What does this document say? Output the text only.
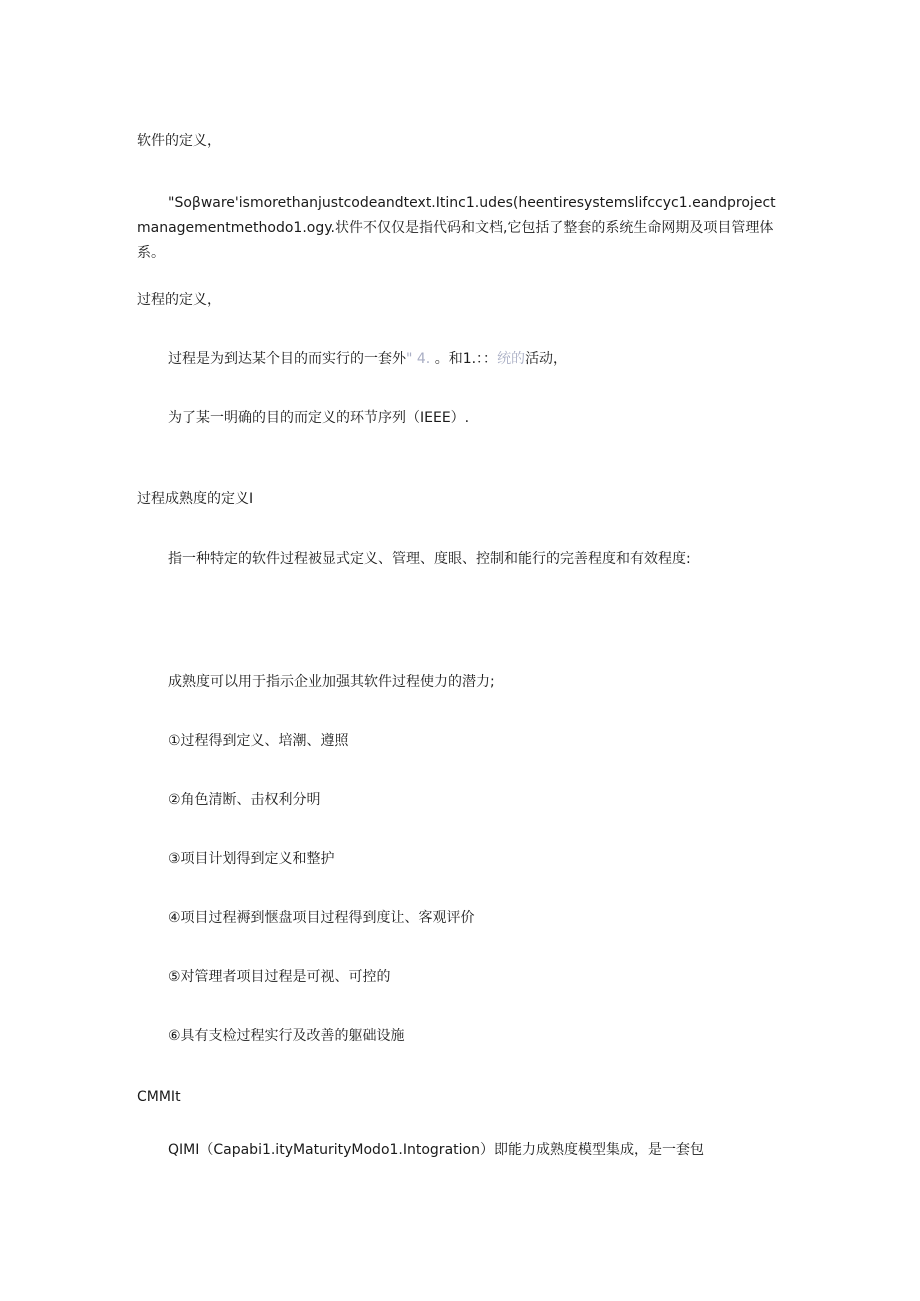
软件的定义，

"Soβware'ismorethanjustcodeandtext.Itinc1.udes(heentiresystemslifccyc1.eandprojectmanagementmethodo1.ogy.状件不仅仅是指代码和文档,它包括了整套的系统生命网期及项目管理体系。

过程的定义，

过程是为到达某个目的而实行的一套外" 4. 。和1.：：统的活动，

为了某一明确的目的而定义的环节序列（IEEE）.

过程成熟度的定义I

指一种特定的软件过程被显式定义、管理、度眼、控制和能行的完善程度和有效程度:

成熟度可以用于指示企业加强其软件过程使力的潜力;

①过程得到定义、培潮、遵照

②角色清断、击权利分明

③项目计划得到定义和整护

④项目过程褥到惬盘项目过程得到度让、客观评价

⑤对管理者项目过程是可视、可控的

⑥具有支检过程实行及改善的躯础设施

CMMIt

QIMI（Capabi1.ityMaturityModo1.Intogration）即能力成熟度模型集成，是一套包
